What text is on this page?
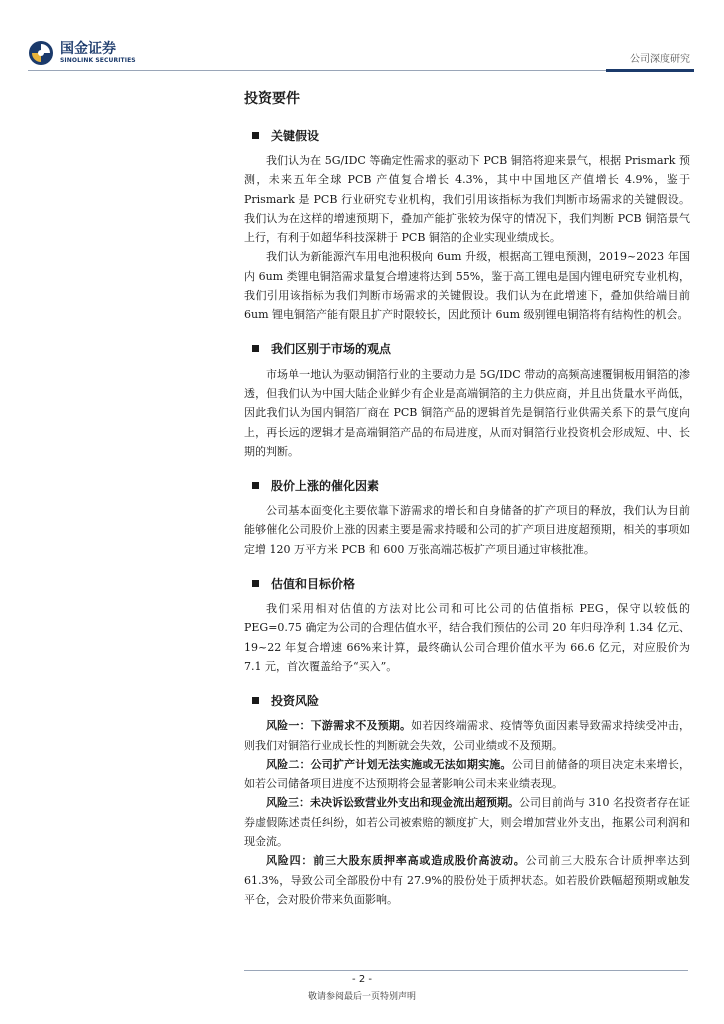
国金证券
SINOLINK SECURITIES	公司深度研究
投资要件
关键假设

我们认为在 5G/IDC 等确定性需求的驱动下 PCB 铜箔将迎来景气，根据 Prismark 预测，未来五年全球 PCB 产值复合增长 4.3%，其中中国地区产值增长 4.9%，鉴于 Prismark 是 PCB 行业研究专业机构，我们引用该指标为我们判断市场需求的关键假设。我们认为在这样的增速预期下，叠加产能扩张较为保守的情况下，我们判断 PCB 铜箔景气上行，有利于如超华科技深耕于 PCB 铜箔的企业实现业绩成长。

我们认为新能源汽车用电池积极向 6um 升级，根据高工锂电预测，2019~2023 年国内 6um 类锂电铜箔需求量复合增速将达到 55%，鉴于高工锂电是国内锂电研究专业机构，我们引用该指标为我们判断市场需求的关键假设。我们认为在此增速下，叠加供给端目前 6um 锂电铜箔产能有限且扩产时限较长，因此预计 6um 级别锂电铜箔将有结构性的机会。

我们区别于市场的观点

市场单一地认为驱动铜箔行业的主要动力是 5G/IDC 带动的高频高速覆铜板用铜箔的渗透，但我们认为中国大陆企业鲜少有企业是高端铜箔的主力供应商，并且出货量水平尚低，因此我们认为国内铜箔厂商在 PCB 铜箔产品的逻辑首先是铜箔行业供需关系下的景气度向上，再长远的逻辑才是高端铜箔产品的布局进度，从而对铜箔行业投资机会形成短、中、长期的判断。

股价上涨的催化因素

公司基本面变化主要依靠下游需求的增长和自身储备的扩产项目的释放，我们认为目前能够催化公司股价上涨的因素主要是需求持暖和公司的扩产项目进度超预期，相关的事项如定增 120 万平方米 PCB 和 600 万张高端芯板扩产项目通过审核批准。

估值和目标价格

我们采用相对估值的方法对比公司和可比公司的估值指标 PEG，保守以较低的 PEG=0.75 确定为公司的合理估值水平，结合我们预估的公司 20 年归母净利 1.34 亿元、19~22 年复合增速 66%来计算，最终确认公司合理价值水平为 66.6 亿元，对应股价为 7.1 元，首次覆盖给予“买入”。

投资风险

风险一：下游需求不及预期。如若因终端需求、疫情等负面因素导致需求持续受冲击，则我们对铜箔行业成长性的判断就会失效，公司业绩或不及预期。

风险二：公司扩产计划无法实施或无法如期实施。公司目前储备的项目决定未来增长，如若公司储备项目进度不达预期将会显著影响公司未来业绩表现。

风险三：未决诉讼致营业外支出和现金流出超预期。公司目前尚与 310 名投资者存在证券虚假陈述责任纠纷，如若公司被索赔的额度扩大，则会增加营业外支出，拖累公司利润和现金流。

风险四：前三大股东质押率高或造成股价高波动。公司前三大股东合计质押率达到 61.3%，导致公司全部股份中有 27.9%的股份处于质押状态。如若股价跌幅超预期或触发平仓，会对股价带来负面影响。

- 2 -
敬请参阅最后一页特别声明
